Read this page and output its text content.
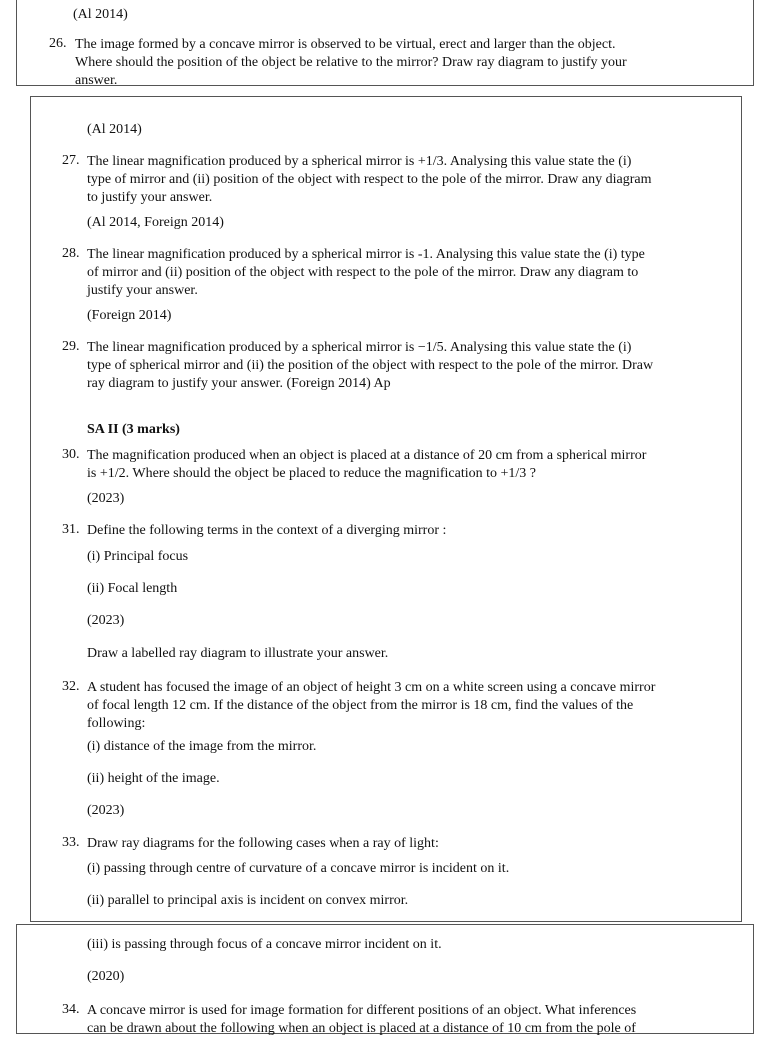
(Al 2014)
26. The image formed by a concave mirror is observed to be virtual, erect and larger than the object.
Where should the position of the object be relative to the mirror? Draw ray diagram to justify your
answer.
(Al 2014)
27. The linear magnification produced by a spherical mirror is +1/3. Analysing this value state the (i)
type of mirror and (ii) position of the object with respect to the pole of the mirror. Draw any diagram
to justify your answer.
(Al 2014, Foreign 2014)
28. The linear magnification produced by a spherical mirror is -1. Analysing this value state the (i) type
of mirror and (ii) position of the object with respect to the pole of the mirror. Draw any diagram to
justify your answer.
(Foreign 2014)
29. The linear magnification produced by a spherical mirror is −1/5. Analysing this value state the (i)
type of spherical mirror and (ii) the position of the object with respect to the pole of the mirror. Draw
ray diagram to justify your answer. (Foreign 2014) Ap
SA II (3 marks)
30. The magnification produced when an object is placed at a distance of 20 cm from a spherical mirror
is +1/2. Where should the object be placed to reduce the magnification to +1/3 ?
(2023)
31. Define the following terms in the context of a diverging mirror :
(i) Principal focus
(ii) Focal length
(2023)
Draw a labelled ray diagram to illustrate your answer.
32. A student has focused the image of an object of height 3 cm on a white screen using a concave mirror
of focal length 12 cm. If the distance of the object from the mirror is 18 cm, find the values of the
following:
(i) distance of the image from the mirror.
(ii) height of the image.
(2023)
33. Draw ray diagrams for the following cases when a ray of light:
(i) passing through centre of curvature of a concave mirror is incident on it.
(ii) parallel to principal axis is incident on convex mirror.
(iii) is passing through focus of a concave mirror incident on it.
(2020)
34. A concave mirror is used for image formation for different positions of an object. What inferences
can be drawn about the following when an object is placed at a distance of 10 cm from the pole of
